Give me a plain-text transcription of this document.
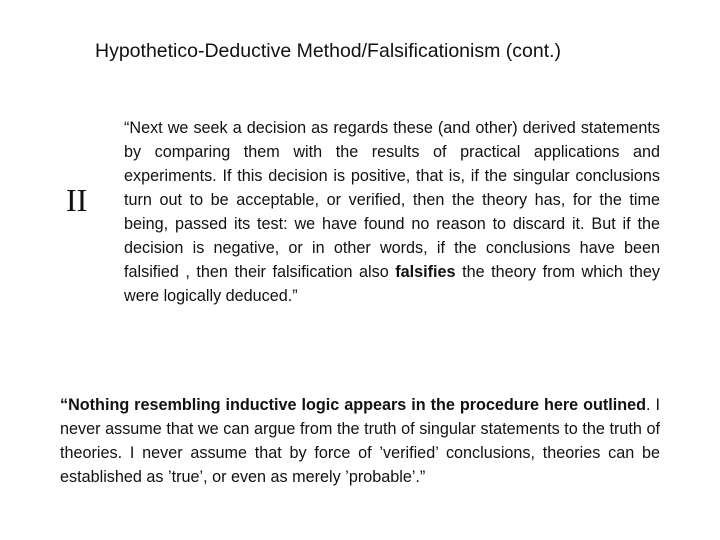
Hypothetico-Deductive Method/Falsificationism (cont.)
II

“Next we seek a decision as regards these (and other) derived statements by comparing them with the results of practical applications and experiments. If this decision is positive, that is, if the singular conclusions turn out to be acceptable, or verified, then the theory has, for the time being, passed its test: we have found no reason to discard it. But if the decision is negative, or in other words, if the conclusions have been falsified , then their falsification also falsifies the theory from which they were logically deduced.”

“Nothing resembling inductive logic appears in the procedure here outlined. I never assume that we can argue from the truth of singular statements to the truth of theories. I never assume that by force of ’verified’ conclusions, theories can be established as ’true’, or even as merely ’probable’.”
